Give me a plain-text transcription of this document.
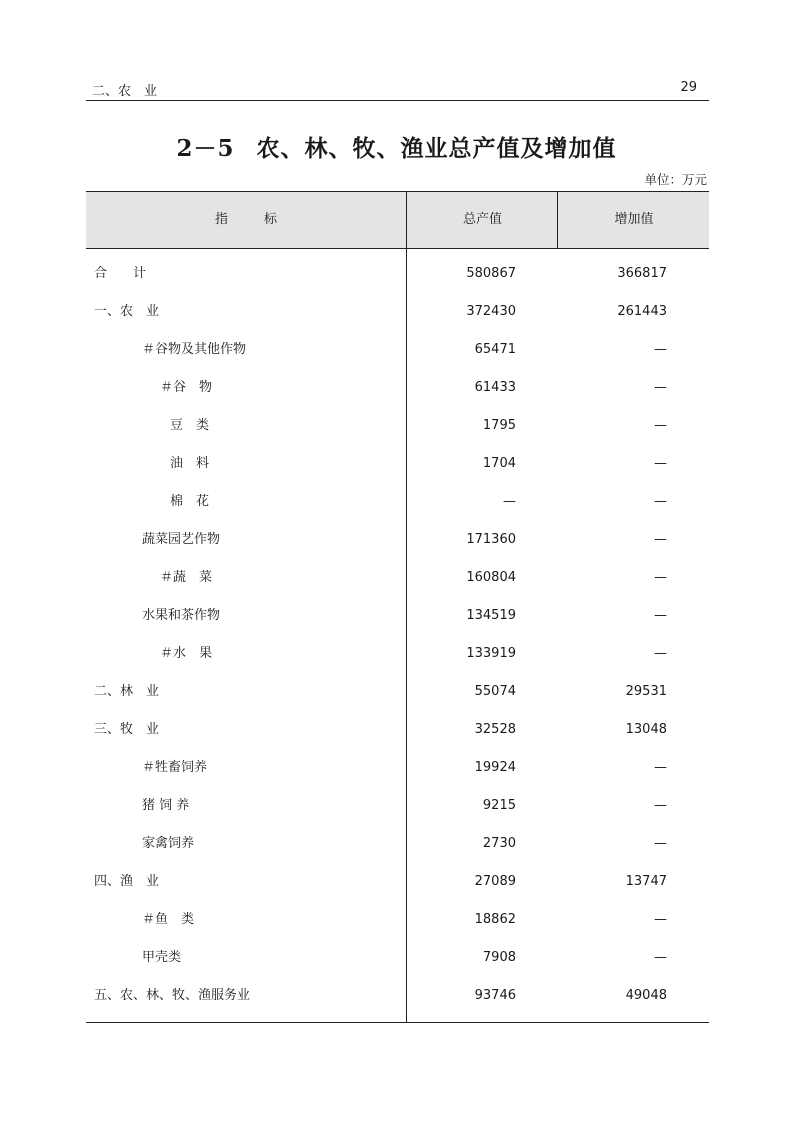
二、农　业	29
2－5 农、林、牧、渔业总产值及增加值
单位：万元
指标	总产值	增加值
合　　计	580867	366817
一、农　业	372430	261443
＃谷物及其他作物	65471	—
＃谷　物	61433	—
豆　类	1795	—
油　料	1704	—
棉　花	—	—
蔬菜园艺作物	171360	—
＃蔬　菜	160804	—
水果和茶作物	134519	—
＃水　果	133919	—
二、林　业	55074	29531
三、牧　业	32528	13048
＃牲畜饲养	19924	—
猪 饲 养	9215	—
家禽饲养	2730	—
四、渔　业	27089	13747
＃鱼　类	18862	—
甲壳类	7908	—
五、农、林、牧、渔服务业	93746	49048
